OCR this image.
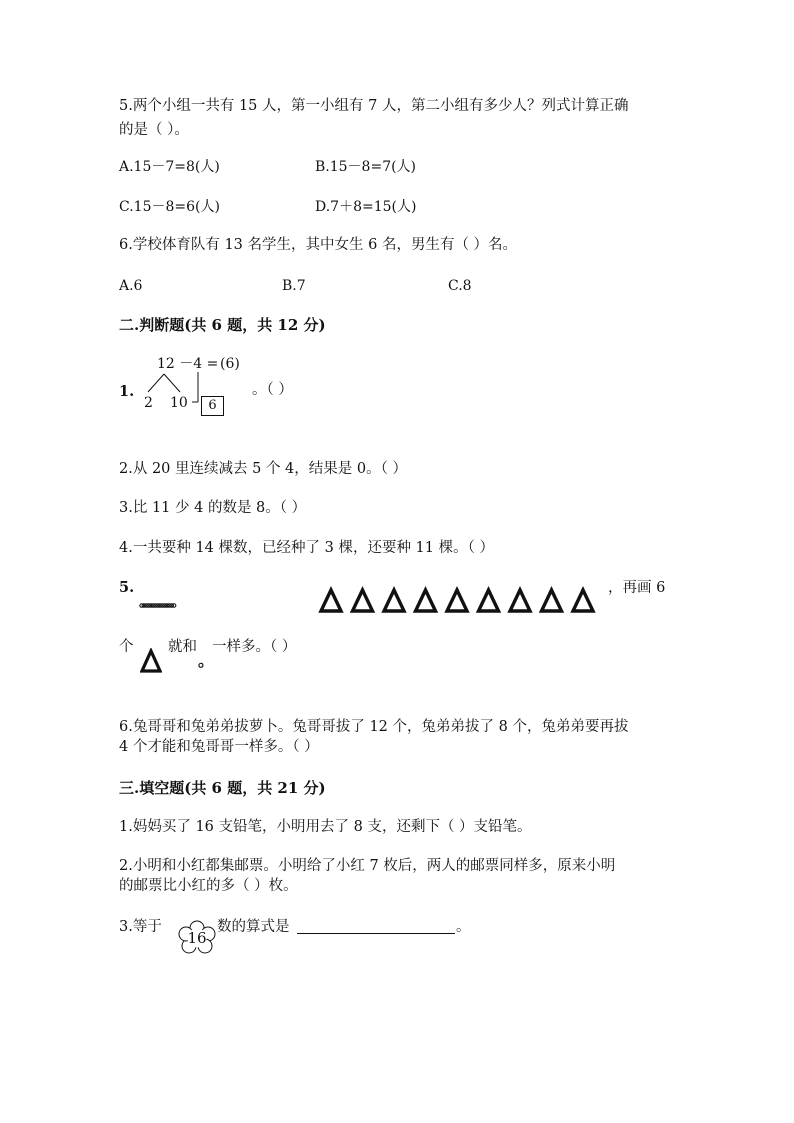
5.两个小组一共有 15 人，第一小组有 7 人，第二小组有多少人？列式计算正确
的是（ ）。
A.15－7=8(人)	B.15－8=7(人)
C.15－8=6(人)	D.7＋8=15(人)
6.学校体育队有 13 名学生，其中女生 6 名，男生有（ ）名。
A.6	B.7	C.8
二.判断题(共 6 题，共 12 分)
1.
12 －4 = (6)
2 10	6
。（ ）
2.从 20 里连续减去 5 个 4，结果是 0。（ ）
3.比 11 少 4 的数是 8。（ ）
4.一共要种 14 棵数，已经种了 3 棵，还要种 11 棵。（ ）
5.
。。。。。。。。。。。。。。。
，再画 6
个 就和 一样多。（ ）
。
6.兔哥哥和兔弟弟拔萝卜。兔哥哥拔了 12 个，兔弟弟拔了 8 个，兔弟弟要再拔
4 个才能和兔哥哥一样多。（ ）
三.填空题(共 6 题，共 21 分)
1.妈妈买了 16 支铅笔，小明用去了 8 支，还剩下（ ）支铅笔。
2.小明和小红都集邮票。小明给了小红 7 枚后，两人的邮票同样多，原来小明
的邮票比小红的多（ ）枚。
3.等于
16
数的算式是	。
